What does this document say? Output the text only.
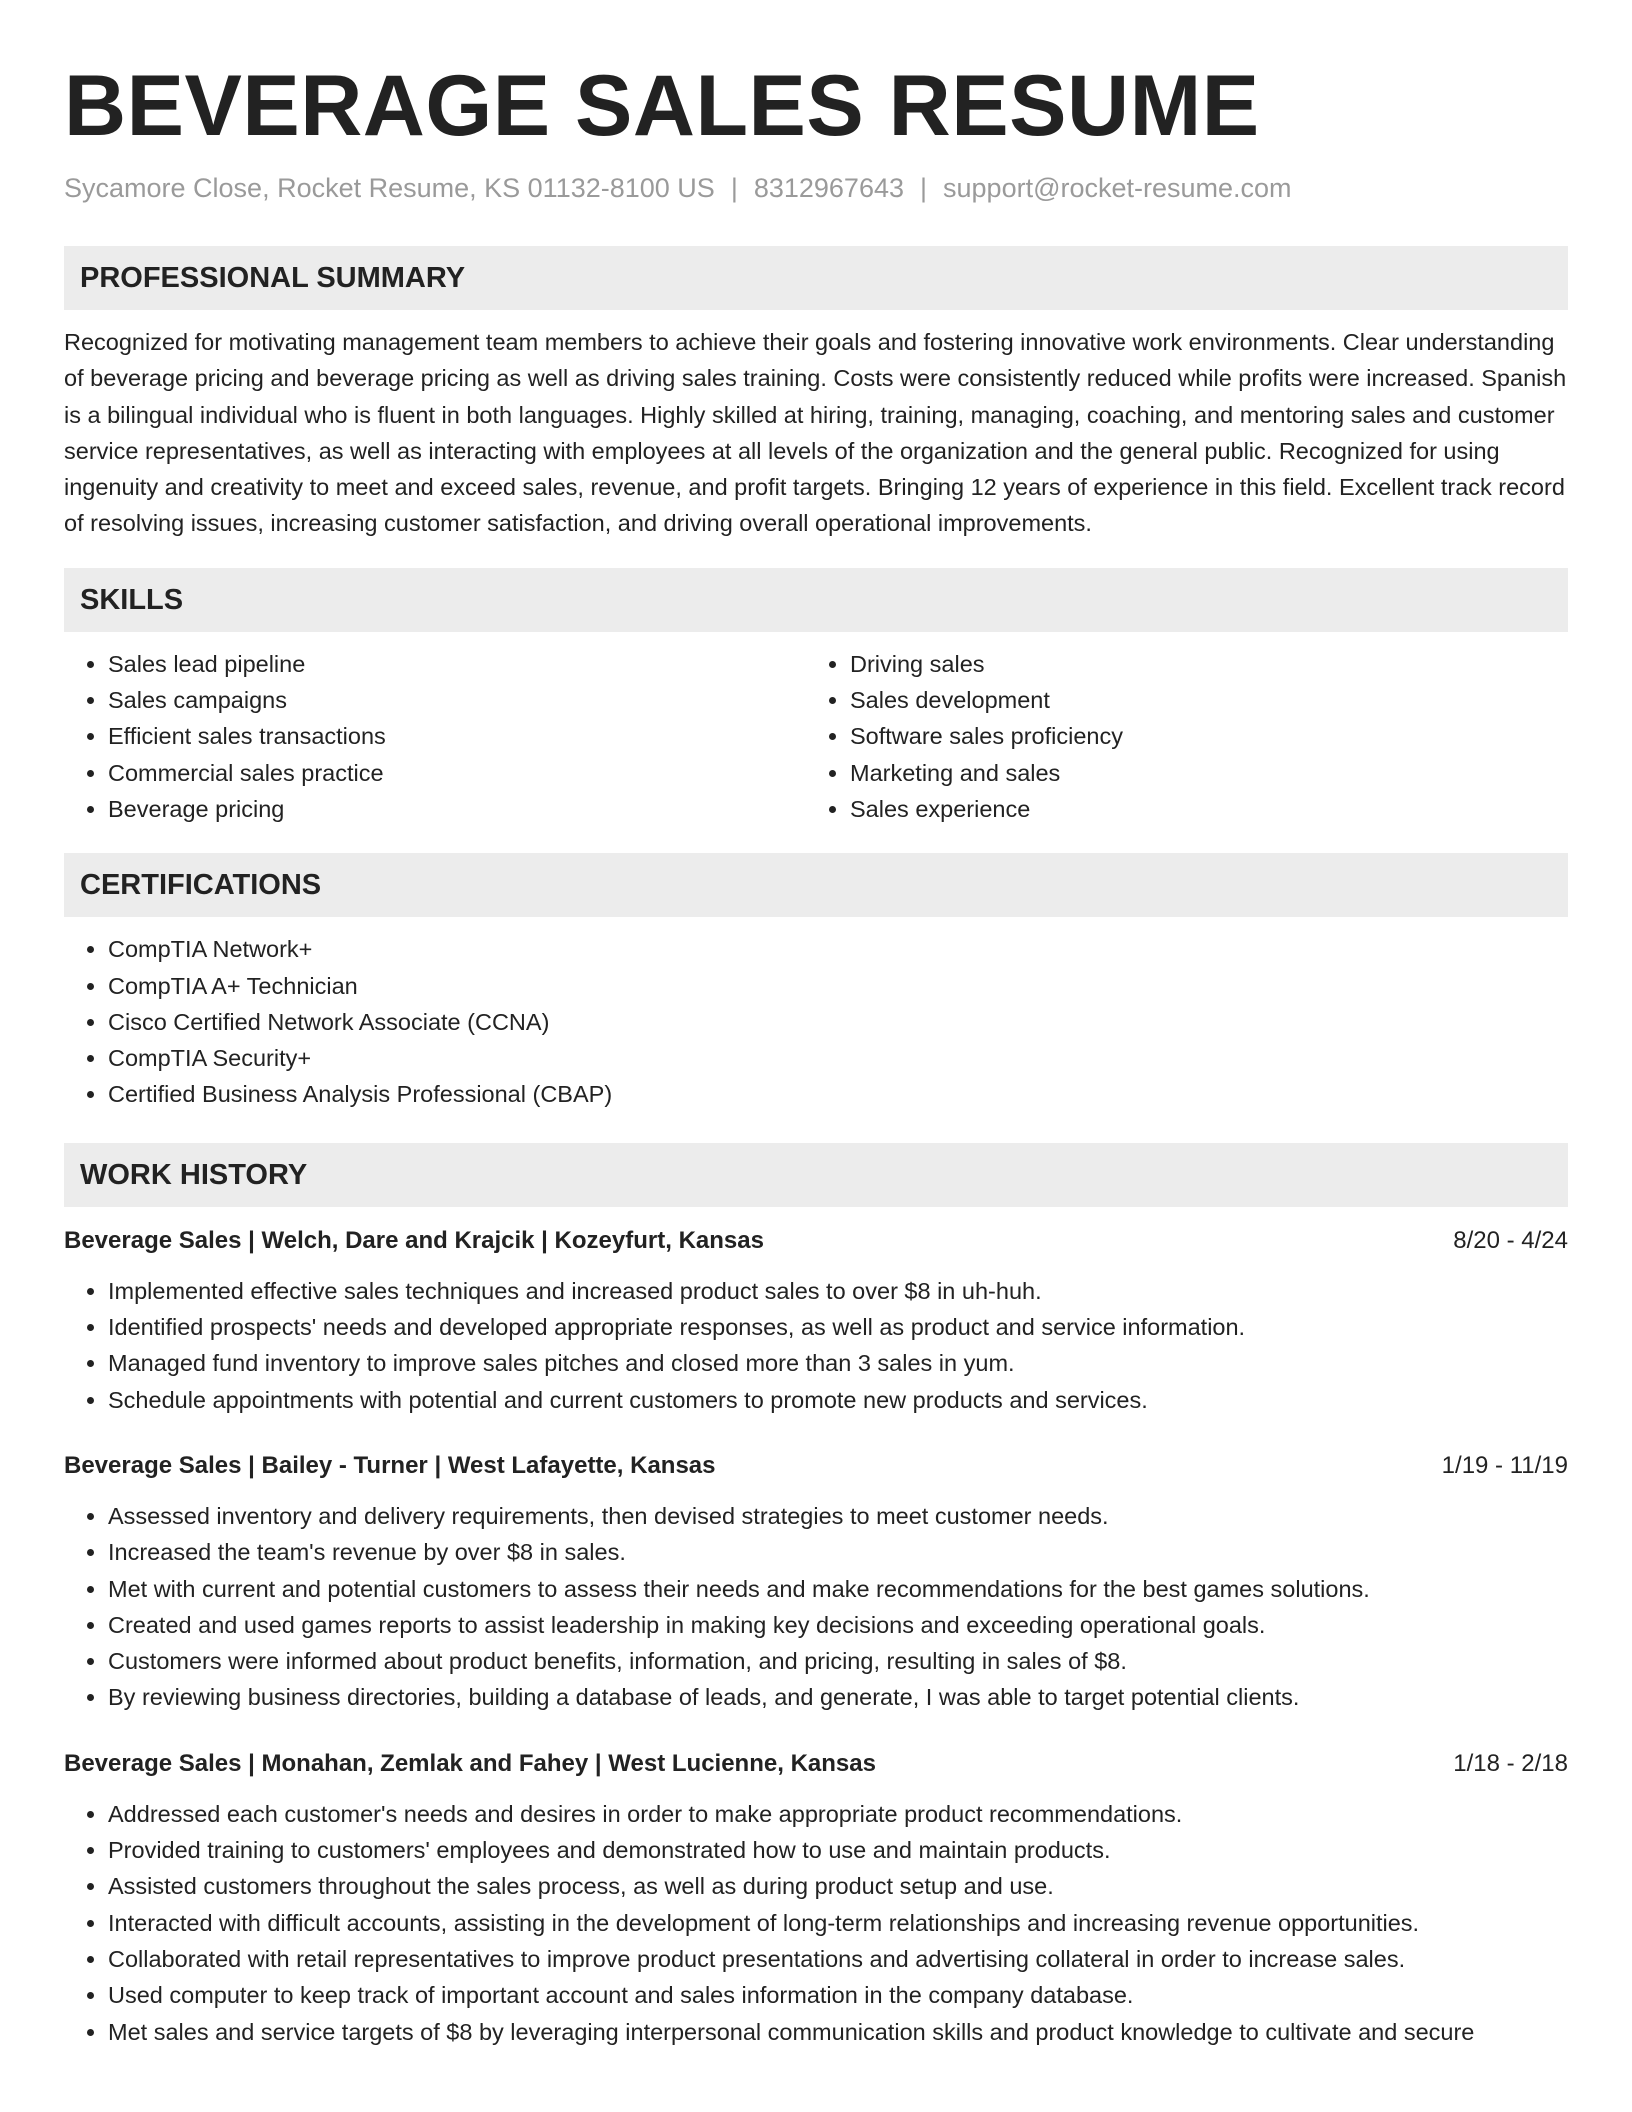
BEVERAGE SALES RESUME
Sycamore Close, Rocket Resume, KS 01132-8100 US | 8312967643 | support@rocket-resume.com
PROFESSIONAL SUMMARY

Recognized for motivating management team members to achieve their goals and fostering innovative work environments. Clear understanding of beverage pricing and beverage pricing as well as driving sales training. Costs were consistently reduced while profits were increased. Spanish is a bilingual individual who is fluent in both languages. Highly skilled at hiring, training, managing, coaching, and mentoring sales and customer service representatives, as well as interacting with employees at all levels of the organization and the general public. Recognized for using ingenuity and creativity to meet and exceed sales, revenue, and profit targets. Bringing 12 years of experience in this field. Excellent track record of resolving issues, increasing customer satisfaction, and driving overall operational improvements.

SKILLS
• Sales lead pipeline
• Sales campaigns
• Efficient sales transactions
• Commercial sales practice
• Beverage pricing
• Driving sales
• Sales development
• Software sales proficiency
• Marketing and sales
• Sales experience
CERTIFICATIONS
• CompTIA Network+
• CompTIA A+ Technician
• Cisco Certified Network Associate (CCNA)
• CompTIA Security+
• Certified Business Analysis Professional (CBAP)
WORK HISTORY
Beverage Sales | Welch, Dare and Krajcik | Kozeyfurt, Kansas	8/20 - 4/24
• Implemented effective sales techniques and increased product sales to over $8 in uh-huh.
• Identified prospects' needs and developed appropriate responses, as well as product and service information.
• Managed fund inventory to improve sales pitches and closed more than 3 sales in yum.
• Schedule appointments with potential and current customers to promote new products and services.
Beverage Sales | Bailey - Turner | West Lafayette, Kansas	1/19 - 11/19
• Assessed inventory and delivery requirements, then devised strategies to meet customer needs.
• Increased the team's revenue by over $8 in sales.
• Met with current and potential customers to assess their needs and make recommendations for the best games solutions.
• Created and used games reports to assist leadership in making key decisions and exceeding operational goals.
• Customers were informed about product benefits, information, and pricing, resulting in sales of $8.
• By reviewing business directories, building a database of leads, and generate, I was able to target potential clients.
Beverage Sales | Monahan, Zemlak and Fahey | West Lucienne, Kansas	1/18 - 2/18
• Addressed each customer's needs and desires in order to make appropriate product recommendations.
• Provided training to customers' employees and demonstrated how to use and maintain products.
• Assisted customers throughout the sales process, as well as during product setup and use.
• Interacted with difficult accounts, assisting in the development of long-term relationships and increasing revenue opportunities.
• Collaborated with retail representatives to improve product presentations and advertising collateral in order to increase sales.
• Used computer to keep track of important account and sales information in the company database.
• Met sales and service targets of $8 by leveraging interpersonal communication skills and product knowledge to cultivate and secure
